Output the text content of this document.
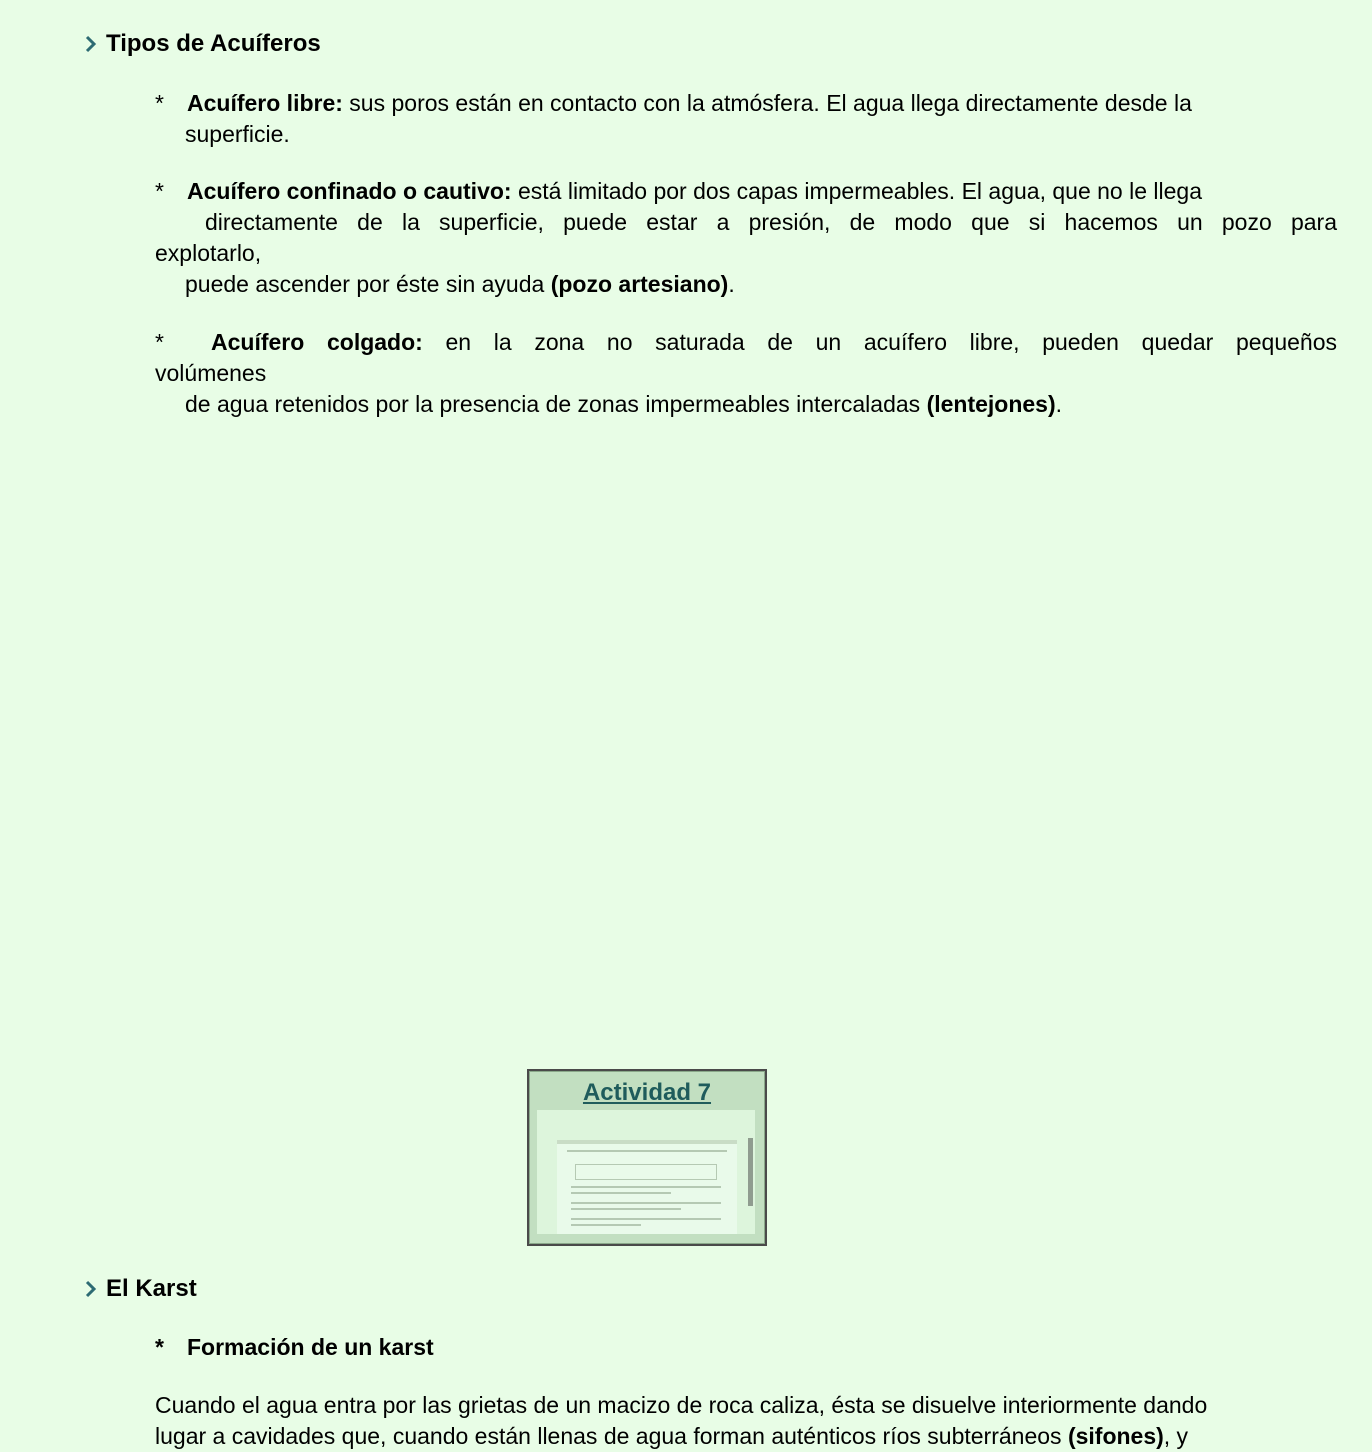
Tipos de Acuíferos
* Acuífero libre: sus poros están en contacto con la atmósfera. El agua llega directamente desde la
superficie.
* Acuífero confinado o cautivo: está limitado por dos capas impermeables. El agua, que no le llega
directamente de la superficie, puede estar a presión, de modo que si hacemos un pozo para
explotarlo,
puede ascender por éste sin ayuda (pozo artesiano).
* Acuífero colgado: en la zona no saturada de un acuífero libre, pueden quedar pequeños
volúmenes
de agua retenidos por la presencia de zonas impermeables intercaladas (lentejones).
Actividad 7
El Karst
* Formación de un karst
Cuando el agua entra por las grietas de un macizo de roca caliza, ésta se disuelve interiormente dando
lugar a cavidades que, cuando están llenas de agua forman auténticos ríos subterráneos (sifones), y
